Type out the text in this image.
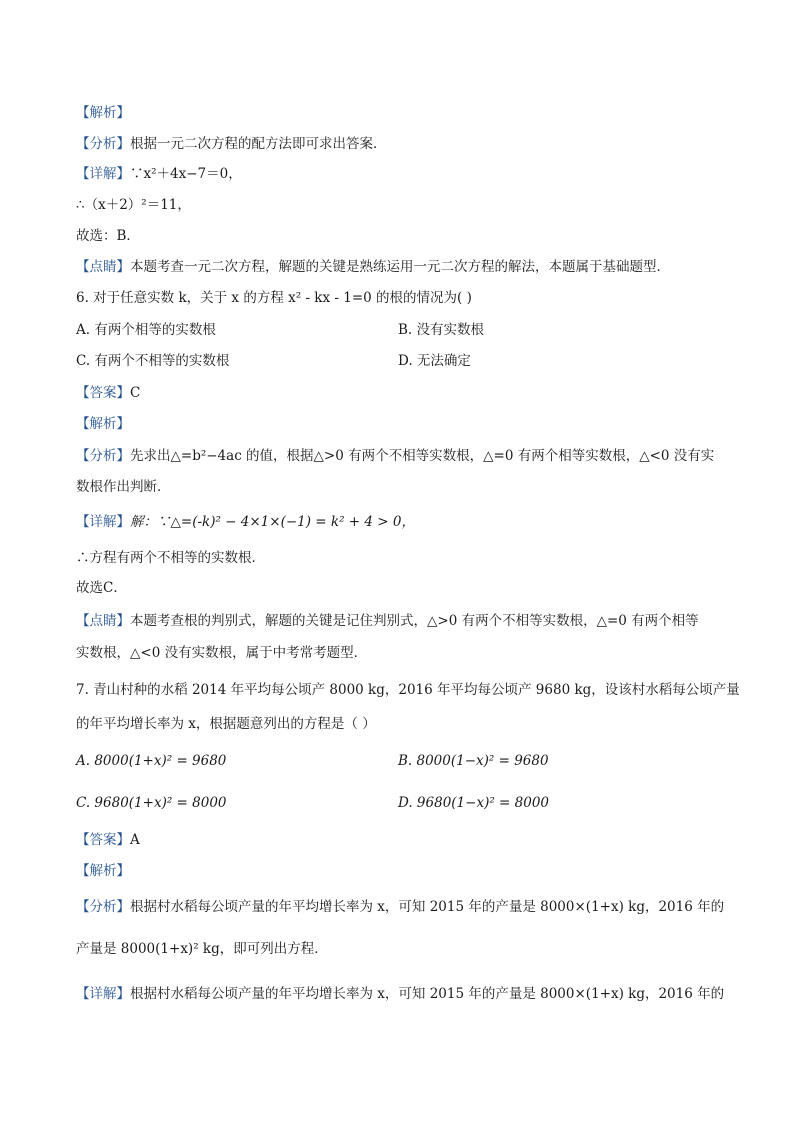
【解析】
【分析】根据一元二次方程的配方法即可求出答案．
【详解】∵x²＋4x−7＝0，
∴（x＋2）²＝11，
故选：B．
【点睛】本题考查一元二次方程，解题的关键是熟练运用一元二次方程的解法，本题属于基础题型．
6. 对于任意实数 k，关于 x 的方程 x² - kx - 1=0 的根的情况为( )
A. 有两个相等的实数根	B. 没有实数根
C. 有两个不相等的实数根	D. 无法确定
【答案】C
【解析】
【分析】先求出△=b²−4ac 的值，根据△>0 有两个不相等实数根，△=0 有两个相等实数根，△<0 没有实
数根作出判断．
【详解】解：∵△=(-k)² − 4×1×(−1) = k² + 4 > 0，
∴方程有两个不相等的实数根．
故选C．
【点睛】本题考查根的判别式，解题的关键是记住判别式，△>0 有两个不相等实数根，△=0 有两个相等
实数根，△<0 没有实数根，属于中考常考题型．
7. 青山村种的水稻 2014 年平均每公顷产 8000 kg，2016 年平均每公顷产 9680 kg，设该村水稻每公顷产量
的年平均增长率为 x，根据题意列出的方程是（ ）
A. 8000(1+x)² = 9680	B. 8000(1−x)² = 9680
C. 9680(1+x)² = 8000	D. 9680(1−x)² = 8000
【答案】A
【解析】
【分析】根据村水稻每公顷产量的年平均增长率为 x，可知 2015 年的产量是 8000×(1+x) kg，2016 年的
产量是 8000(1+x)² kg，即可列出方程．
【详解】根据村水稻每公顷产量的年平均增长率为 x，可知 2015 年的产量是 8000×(1+x) kg，2016 年的
